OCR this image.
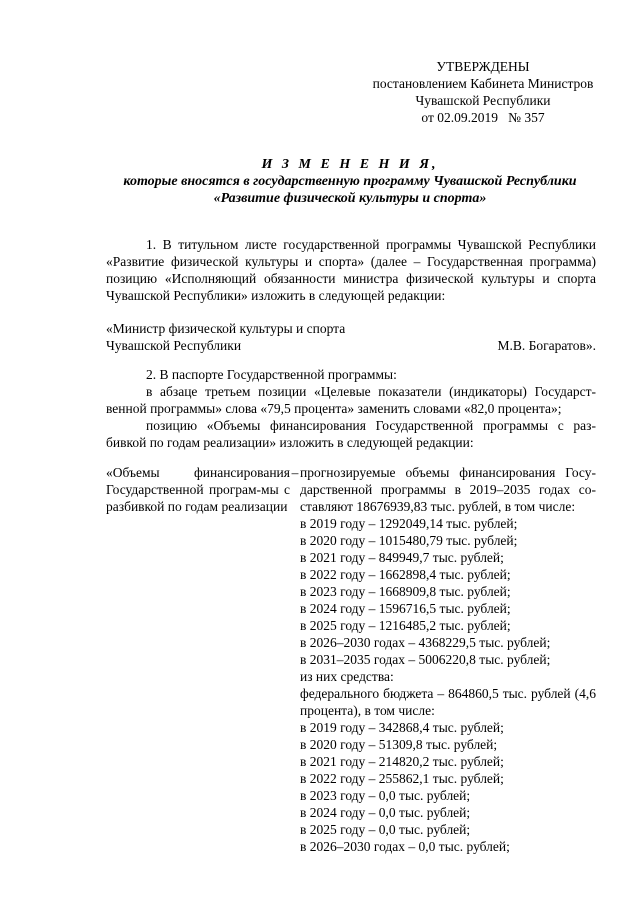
УТВЕРЖДЕНЫ
постановлением Кабинета Министров
Чувашской Республики
от 02.09.2019   № 357
И З М Е Н Е Н И Я,
которые вносятся в государственную программу Чувашской Республики
«Развитие физической культуры и спорта»

1. В титульном листе государственной программы Чувашской Республики «Развитие физической культуры и спорта» (далее – Государственная программа) позицию «Исполняющий обязанности министра физической культуры и спорта Чувашской Республики» изложить в следующей редакции:

«Министр физической культуры и спорта
Чувашской Республики	М.В. Богаратов».

2. В паспорте Государственной программы:

в абзаце третьем позиции «Целевые показатели (индикаторы) Государст-венной программы» слова «79,5 процента» заменить словами «82,0 процента»;

позицию «Объемы финансирования Государственной программы с раз-бивкой по годам реализации» изложить в следующей редакции:

«Объемы финансирования Государственной програм-мы с разбивкой по годам реализации
– прогнозируемые объемы финансирования Госу-дарственной программы в 2019–2035 годах со-ставляют 18676939,83 тыс. рублей, в том числе:
в 2019 году – 1292049,14 тыс. рублей;
в 2020 году – 1015480,79 тыс. рублей;
в 2021 году – 849949,7 тыс. рублей;
в 2022 году – 1662898,4 тыс. рублей;
в 2023 году – 1668909,8 тыс. рублей;
в 2024 году – 1596716,5 тыс. рублей;
в 2025 году – 1216485,2 тыс. рублей;
в 2026–2030 годах – 4368229,5 тыс. рублей;
в 2031–2035 годах – 5006220,8 тыс. рублей;
из них средства:
федерального бюджета – 864860,5 тыс. рублей (4,6 процента), в том числе:
в 2019 году – 342868,4 тыс. рублей;
в 2020 году – 51309,8 тыс. рублей;
в 2021 году – 214820,2 тыс. рублей;
в 2022 году – 255862,1 тыс. рублей;
в 2023 году – 0,0 тыс. рублей;
в 2024 году – 0,0 тыс. рублей;
в 2025 году – 0,0 тыс. рублей;
в 2026–2030 годах – 0,0 тыс. рублей;
